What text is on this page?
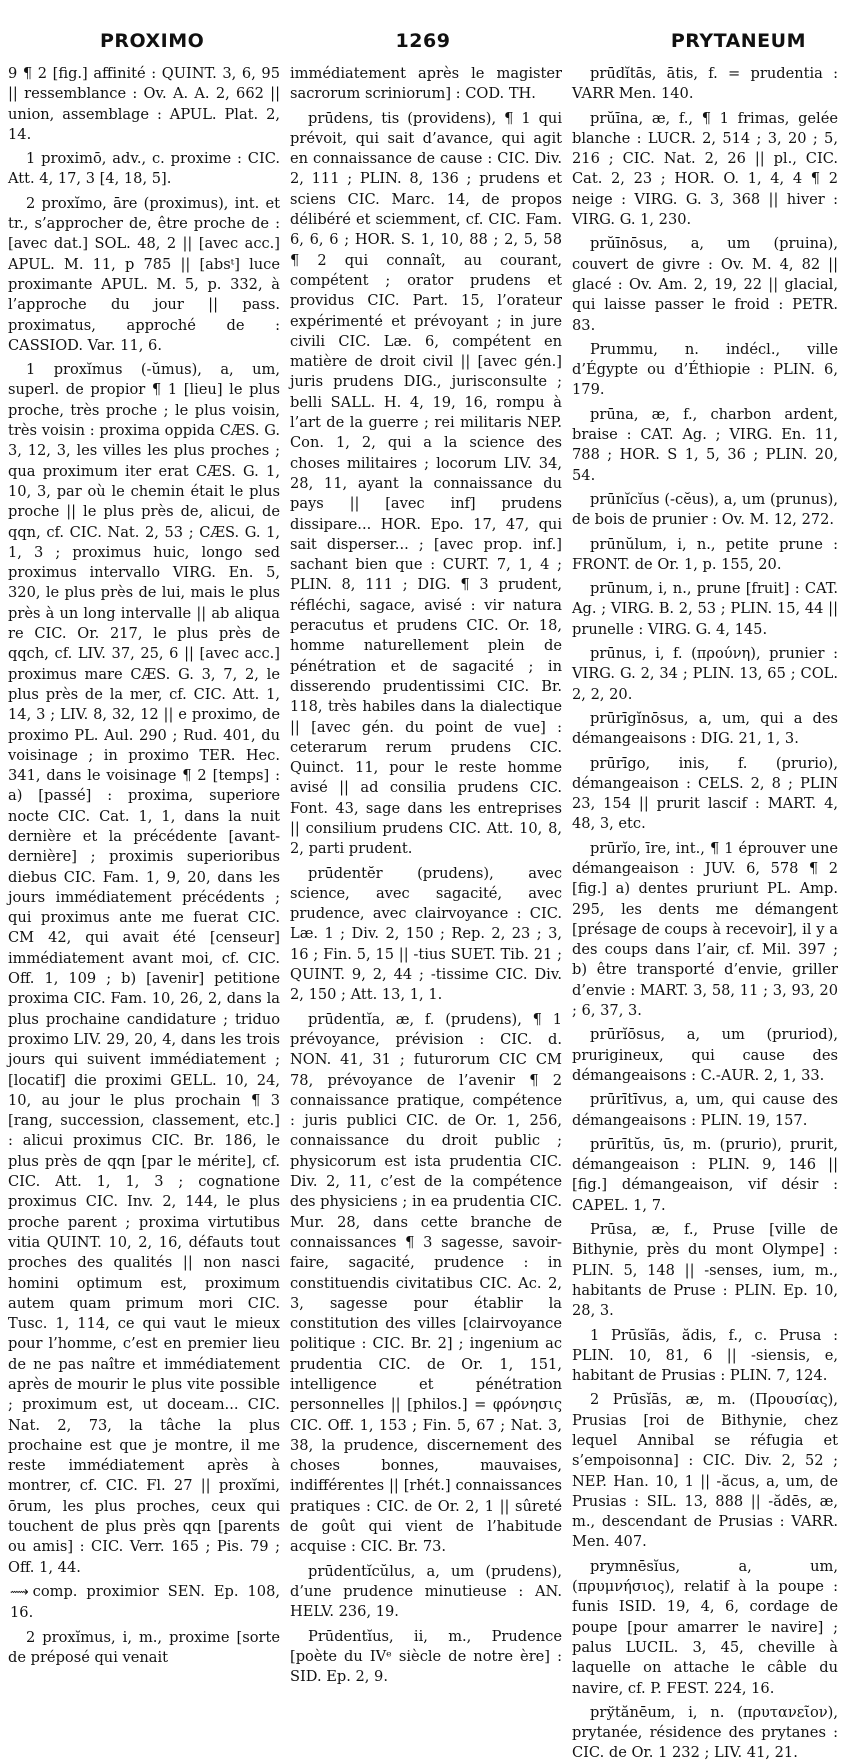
PROXIMO	1269	PRYTANEUM

9 ¶ 2 [fig.] affinité : QUINT. 3, 6, 95 || ressemblance : Ov. A. A. 2, 662 || union, assemblage : APUL. Plat. 2, 14.

1 proximō, adv., c. proxime : CIC. Att. 4, 17, 3 [4, 18, 5].

2 proxĭmo, āre (proximus), int. et tr., s’approcher de, être proche de : [avec dat.] SOL. 48, 2 || [avec acc.] APUL. M. 11, p 785 || [absᵗ] luce proximante APUL. M. 5, p. 332, à l’approche du jour || pass. proximatus, approché de : CASSIOD. Var. 11, 6.

1 proxĭmus (-ŭmus), a, um, superl. de propior ¶ 1 [lieu] le plus proche, très proche ; le plus voisin, très voisin : proxima oppida CÆS. G. 3, 12, 3, les villes les plus proches ; qua proximum iter erat CÆS. G. 1, 10, 3, par où le chemin était le plus proche || le plus près de, alicui, de qqn, cf. CIC. Nat. 2, 53 ; CÆS. G. 1, 1, 3 ; proximus huic, longo sed proximus intervallo VIRG. En. 5, 320, le plus près de lui, mais le plus près à un long intervalle || ab aliqua re CIC. Or. 217, le plus près de qqch, cf. LIV. 37, 25, 6 || [avec acc.] proximus mare CÆS. G. 3, 7, 2, le plus près de la mer, cf. CIC. Att. 1, 14, 3 ; LIV. 8, 32, 12 || e proximo, de proximo PL. Aul. 290 ; Rud. 401, du voisinage ; in proximo TER. Hec. 341, dans le voisinage ¶ 2 [temps] : a) [passé] : proxima, superiore nocte CIC. Cat. 1, 1, dans la nuit dernière et la précédente [avant-dernière] ; proximis superioribus diebus CIC. Fam. 1, 9, 20, dans les jours immédiatement précédents ; qui proximus ante me fuerat CIC. CM 42, qui avait été [censeur] immédiatement avant moi, cf. CIC. Off. 1, 109 ; b) [avenir] petitione proxima CIC. Fam. 10, 26, 2, dans la plus prochaine candidature ; triduo proximo LIV. 29, 20, 4, dans les trois jours qui suivent immédiatement ; [locatif] die proximi GELL. 10, 24, 10, au jour le plus prochain ¶ 3 [rang, succession, classement, etc.] : alicui proximus CIC. Br. 186, le plus près de qqn [par le mérite], cf. CIC. Att. 1, 1, 3 ; cognatione proximus CIC. Inv. 2, 144, le plus proche parent ; proxima virtutibus vitia QUINT. 10, 2, 16, défauts tout proches des qualités || non nasci homini optimum est, proximum autem quam primum mori CIC. Tusc. 1, 114, ce qui vaut le mieux pour l’homme, c’est en premier lieu de ne pas naître et immédiatement après de mourir le plus vite possible ; proximum est, ut doceam... CIC. Nat. 2, 73, la tâche la plus prochaine est que je montre, il me reste immédiatement après à montrer, cf. CIC. Fl. 27 || proxĭmi, ōrum, les plus proches, ceux qui touchent de plus près qqn [parents ou amis] : CIC. Verr. 165 ; Pis. 79 ; Off. 1, 44.

⟿ comp. proximior SEN. Ep. 108, 16.

2 proxĭmus, i, m., proxime [sorte de préposé qui venait

immédiatement après le magister sacrorum scriniorum] : COD. TH.

prūdens, tis (providens), ¶ 1 qui prévoit, qui sait d’avance, qui agit en connaissance de cause : CIC. Div. 2, 111 ; PLIN. 8, 136 ; prudens et sciens CIC. Marc. 14, de propos délibéré et sciemment, cf. CIC. Fam. 6, 6, 6 ; HOR. S. 1, 10, 88 ; 2, 5, 58 ¶ 2 qui connaît, au courant, compétent ; orator prudens et providus CIC. Part. 15, l’orateur expérimenté et prévoyant ; in jure civili CIC. Læ. 6, compétent en matière de droit civil || [avec gén.] juris prudens DIG., jurisconsulte ; belli SALL. H. 4, 19, 16, rompu à l’art de la guerre ; rei militaris NEP. Con. 1, 2, qui a la science des choses militaires ; locorum LIV. 34, 28, 11, ayant la connaissance du pays || [avec inf] prudens dissipare... HOR. Epo. 17, 47, qui sait disperser... ; [avec prop. inf.] sachant bien que : CURT. 7, 1, 4 ; PLIN. 8, 111 ; DIG. ¶ 3 prudent, réfléchi, sagace, avisé : vir natura peracutus et prudens CIC. Or. 18, homme naturellement plein de pénétration et de sagacité ; in disserendo prudentissimi CIC. Br. 118, très habiles dans la dialectique || [avec gén. du point de vue] : ceterarum rerum prudens CIC. Quinct. 11, pour le reste homme avisé || ad consilia prudens CIC. Font. 43, sage dans les entreprises || consilium prudens CIC. Att. 10, 8, 2, parti prudent.

prūdentĕr (prudens), avec science, avec sagacité, avec prudence, avec clairvoyance : CIC. Læ. 1 ; Div. 2, 150 ; Rep. 2, 23 ; 3, 16 ; Fin. 5, 15 || -tius SUET. Tib. 21 ; QUINT. 9, 2, 44 ; -tissime CIC. Div. 2, 150 ; Att. 13, 1, 1.

prūdentĭa, æ, f. (prudens), ¶ 1 prévoyance, prévision : CIC. d. NON. 41, 31 ; futurorum CIC CM 78, prévoyance de l’avenir ¶ 2 connaissance pratique, compétence : juris publici CIC. de Or. 1, 256, connaissance du droit public ; physicorum est ista prudentia CIC. Div. 2, 11, c’est de la compétence des physiciens ; in ea prudentia CIC. Mur. 28, dans cette branche de connaissances ¶ 3 sagesse, savoir-faire, sagacité, prudence : in constituendis civitatibus CIC. Ac. 2, 3, sagesse pour établir la constitution des villes [clairvoyance politique : CIC. Br. 2] ; ingenium ac prudentia CIC. de Or. 1, 151, intelligence et pénétration personnelles || [philos.] = φρόνησις CIC. Off. 1, 153 ; Fin. 5, 67 ; Nat. 3, 38, la prudence, discernement des choses bonnes, mauvaises, indifférentes || [rhét.] connaissances pratiques : CIC. de Or. 2, 1 || sûreté de goût qui vient de l’habitude acquise : CIC. Br. 73.

prūdentĭcŭlus, a, um (prudens), d’une prudence minutieuse : AN. HELV. 236, 19.

Prūdentĭus, ii, m., Prudence [poète du IVᵉ siècle de notre ère] : SID. Ep. 2, 9.

prūdĭtās, ātis, f. = prudentia : VARR Men. 140.

prŭīna, æ, f., ¶ 1 frimas, gelée blanche : LUCR. 2, 514 ; 3, 20 ; 5, 216 ; CIC. Nat. 2, 26 || pl., CIC. Cat. 2, 23 ; HOR. O. 1, 4, 4 ¶ 2 neige : VIRG. G. 3, 368 || hiver : VIRG. G. 1, 230.

prŭīnōsus, a, um (pruina), couvert de givre : Ov. M. 4, 82 || glacé : Ov. Am. 2, 19, 22 || glacial, qui laisse passer le froid : PETR. 83.

Prummu, n. indécl., ville d’Égypte ou d’Éthiopie : PLIN. 6, 179.

prūna, æ, f., charbon ardent, braise : CAT. Ag. ; VIRG. En. 11, 788 ; HOR. S 1, 5, 36 ; PLIN. 20, 54.

prūnĭcĭus (-cĕus), a, um (prunus), de bois de prunier : Ov. M. 12, 272.

prūnŭlum, i, n., petite prune : FRONT. de Or. 1, p. 155, 20.

prūnum, i, n., prune [fruit] : CAT. Ag. ; VIRG. B. 2, 53 ; PLIN. 15, 44 || prunelle : VIRG. G. 4, 145.

prūnus, i, f. (προύνη), prunier : VIRG. G. 2, 34 ; PLIN. 13, 65 ; COL. 2, 2, 20.

prūrīgĭnōsus, a, um, qui a des démangeaisons : DIG. 21, 1, 3.

prūrīgo, inis, f. (prurio), démangeaison : CELS. 2, 8 ; PLIN 23, 154 || prurit lascif : MART. 4, 48, 3, etc.

prūrĭo, īre, int., ¶ 1 éprouver une démangeaison : JUV. 6, 578 ¶ 2 [fig.] a) dentes pruriunt PL. Amp. 295, les dents me démangent [présage de coups à recevoir], il y a des coups dans l’air, cf. Mil. 397 ; b) être transporté d’envie, griller d’envie : MART. 3, 58, 11 ; 3, 93, 20 ; 6, 37, 3.

prūrĭōsus, a, um (pruriod), prurigineux, qui cause des démangeaisons : C.-AUR. 2, 1, 33.

prūrītīvus, a, um, qui cause des démangeaisons : PLIN. 19, 157.

prūrītŭs, ūs, m. (prurio), prurit, démangeaison : PLIN. 9, 146 || [fig.] démangeaison, vif désir : CAPEL. 1, 7.

Prūsa, æ, f., Pruse [ville de Bithynie, près du mont Olympe] : PLIN. 5, 148 || -senses, ium, m., habitants de Pruse : PLIN. Ep. 10, 28, 3.

1 Prūsĭās, ădis, f., c. Prusa : PLIN. 10, 81, 6 || -siensis, e, habitant de Prusias : PLIN. 7, 124.

2 Prūsĭās, æ, m. (Προυσίας), Prusias [roi de Bithynie, chez lequel Annibal se réfugia et s’empoisonna] : CIC. Div. 2, 52 ; NEP. Han. 10, 1 || -ăcus, a, um, de Prusias : SIL. 13, 888 || -ădēs, æ, m., descendant de Prusias : VARR. Men. 407.

prymnēsĭus, a, um, (πρυμνήσιος), relatif à la poupe : funis ISID. 19, 4, 6, cordage de poupe [pour amarrer le navire] ; palus LUCIL. 3, 45, cheville à laquelle on attache le câble du navire, cf. P. FEST. 224, 16.

prўtănēum, i, n. (πρυτανεῖον), prytanée, résidence des prytanes : CIC. de Or. 1 232 ; LIV. 41, 21.
